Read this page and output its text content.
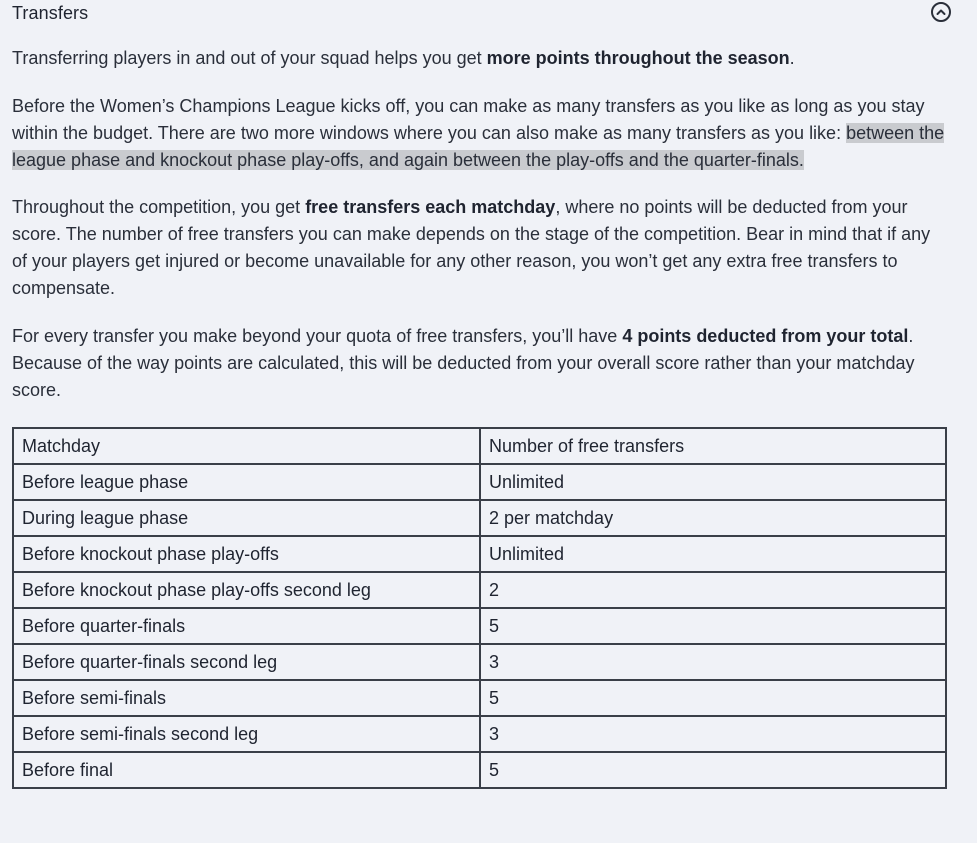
Transfers

Transferring players in and out of your squad helps you get more points throughout the season.

Before the Women’s Champions League kicks off, you can make as many transfers as you like as long as you stay within the budget. There are two more windows where you can also make as many transfers as you like: between the league phase and knockout phase play-offs, and again between the play-offs and the quarter-finals.

Throughout the competition, you get free transfers each matchday, where no points will be deducted from your score. The number of free transfers you can make depends on the stage of the competition. Bear in mind that if any of your players get injured or become unavailable for any other reason, you won’t get any extra free transfers to compensate.

For every transfer you make beyond your quota of free transfers, you’ll have 4 points deducted from your total. Because of the way points are calculated, this will be deducted from your overall score rather than your matchday score.

Matchday	Number of free transfers
Before league phase	Unlimited
During league phase	2 per matchday
Before knockout phase play-offs	Unlimited
Before knockout phase play-offs second leg	2
Before quarter-finals	5
Before quarter-finals second leg	3
Before semi-finals	5
Before semi-finals second leg	3
Before final	5
